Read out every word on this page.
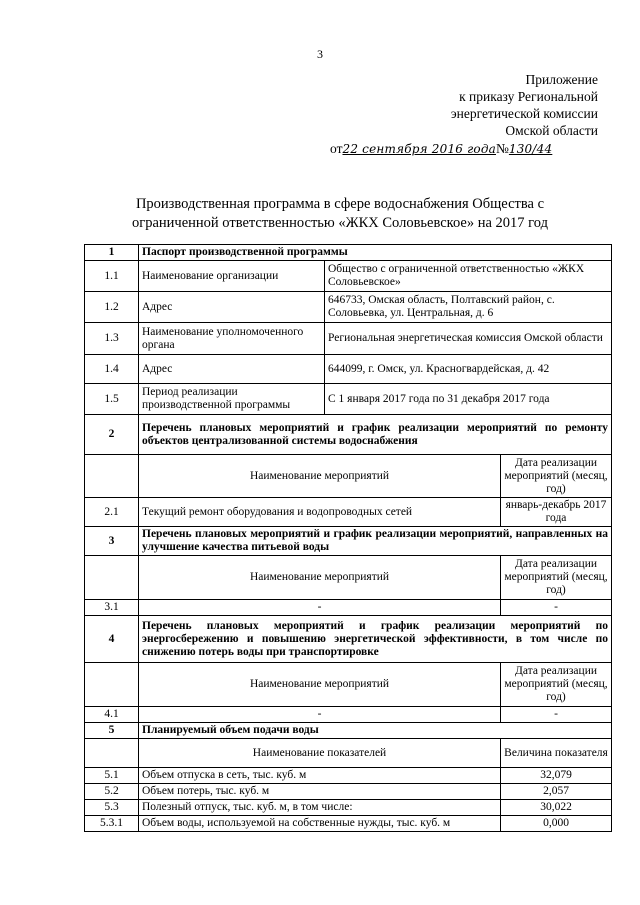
3
Приложение
к приказу Региональной
энергетической комиссии
Омской области
от22 сентября 2016 года№130/44
Производственная программа в сфере водоснабжения Общества с
ограниченной ответственностью «ЖКХ Соловьевское» на 2017 год
1	Паспорт производственной программы		
1.1	Наименование организации	Общество с ограниченной ответственностью «ЖКХ Соловьевское»	
1.2	Адрес	646733, Омская область, Полтавский район, с. Соловьевка, ул. Центральная, д. 6	
1.3	Наименование уполномоченного органа	Региональная энергетическая комиссия Омской области	
1.4	Адрес	644099, г. Омск, ул. Красногвардейская, д. 42	
1.5	Период реализации производственной программы	С 1 января 2017 года по 31 декабря 2017 года	
2	Перечень плановых мероприятий и график реализации мероприятий по ремонту объектов централизованной системы водоснабжения		
	Наименование мероприятий		Дата реализации мероприятий (месяц, год)
2.1	Текущий ремонт оборудования и водопроводных сетей		январь-декабрь 2017 года
3	Перечень плановых мероприятий и график реализации мероприятий, направленных на улучшение качества питьевой воды		
	Наименование мероприятий		Дата реализации мероприятий (месяц, год)
3.1	-		-
4	Перечень плановых мероприятий и график реализации мероприятий по энергосбережению и повышению энергетической эффективности, в том числе по снижению потерь воды при транспортировке		
	Наименование мероприятий		Дата реализации мероприятий (месяц, год)
4.1	-		-
5	Планируемый объем подачи воды		
	Наименование показателей		Величина показателя
5.1	Объем отпуска в сеть, тыс. куб. м		32,079
5.2	Объем потерь, тыс. куб. м		2,057
5.3	Полезный отпуск, тыс. куб. м, в том числе:		30,022
5.3.1	Объем воды, используемой на собственные нужды, тыс. куб. м		0,000
